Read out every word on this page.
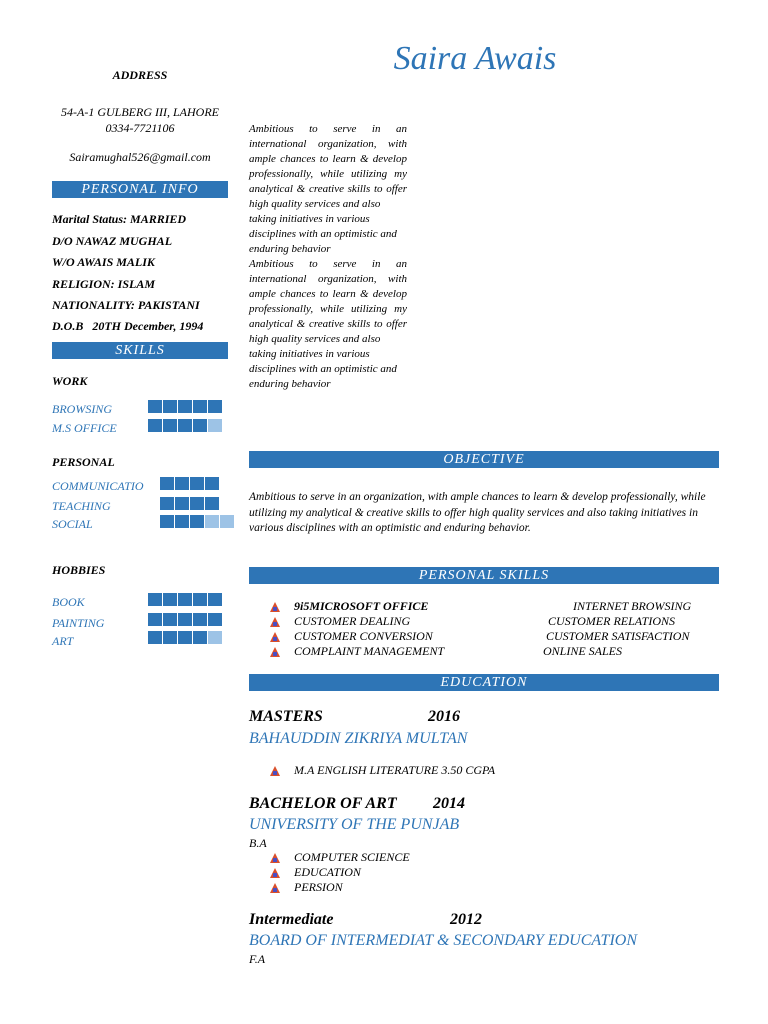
Saira Awais
ADDRESS
54-A-1 GULBERG III, LAHORE
0334-7721106
Sairamughal526@gmail.com
PERSONAL INFO
Marital Status: MARRIED
D/O NAWAZ MUGHAL
W/O AWAIS MALIK
RELIGION: ISLAM
NATIONALITY: PAKISTANI
D.O.B   20TH December, 1994
SKILLS
WORK
BROWSING
M.S OFFICE
PERSONAL
COMMUNICATIO
TEACHING
SOCIAL
HOBBIES
BOOK
PAINTING
ART

Ambitious to serve in an international organization, with ample chances to learn & develop professionally, while utilizing my analytical & creative skills to offer high quality services and also

taking initiatives in various disciplines with an optimistic and enduring behavior

Ambitious to serve in an international organization, with ample chances to learn & develop professionally, while utilizing my analytical & creative skills to offer high quality services and also

taking initiatives in various disciplines with an optimistic and enduring behavior

OBJECTIVE
Ambitious to serve in an organization, with ample chances to learn & develop professionally, while utilizing my analytical & creative skills to offer high quality services and also taking initiatives in various disciplines with an optimistic and enduring behavior.
PERSONAL SKILLS
9i5MICROSOFT OFFICE
CUSTOMER DEALING
CUSTOMER CONVERSION
COMPLAINT MANAGEMENT
INTERNET BROWSING
CUSTOMER RELATIONS
CUSTOMER SATISFACTION
ONLINE SALES
EDUCATION
MASTERS	2016
BAHAUDDIN ZIKRIYA MULTAN
M.A ENGLISH LITERATURE 3.50 CGPA
BACHELOR OF ART 2014
UNIVERSITY OF THE PUNJAB
B.A
COMPUTER SCIENCE
EDUCATION
PERSION
Intermediate	2012
BOARD OF INTERMEDIAT & SECONDARY EDUCATION
F.A
